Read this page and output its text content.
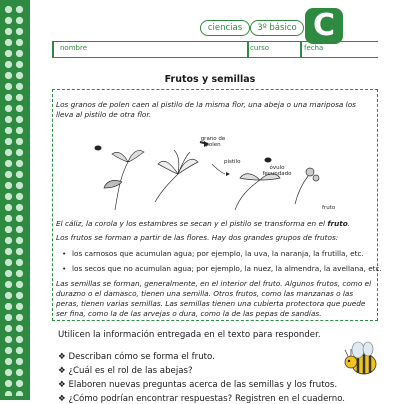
ciencias	3º básico C
nombre	curso	fecha
Frutos y semillas
Los granos de polen caen al pistilo de la misma flor, una abeja o una mariposa los lleva al pistilo de otra flor.
grano de polen
pistilo
óvulo fecundado
fruto
El cáliz, la corola y los estambres se secan y el pistilo se transforma en el fruto.
Los frutos se forman a partir de las flores. Hay dos grandes grupos de frutos:
• los carnosos que acumulan agua; por ejemplo, la uva, la naranja, la frutilla, etc.
• los secos que no acumulan agua; por ejemplo, la nuez, la almendra, la avellana, etc.
Las semillas se forman, generalmente, en el interior del fruto. Algunos frutos, como el durazno o el damasco, tienen una semilla. Otros frutos, como las manzanas o las peras, tienen varias semillas. Las semillas tienen una cubierta protectora que puede ser fina, como la de las arvejas o dura, como la de las pepas de sandías.
Utilicen la información entregada en el texto para responder.
❖ Describan cómo se forma el fruto.
❖ ¿Cuál es el rol de las abejas?
❖ Elaboren nuevas preguntas acerca de las semillas y los frutos.
❖ ¿Cómo podrían encontrar respuestas? Registren en el cuaderno.
